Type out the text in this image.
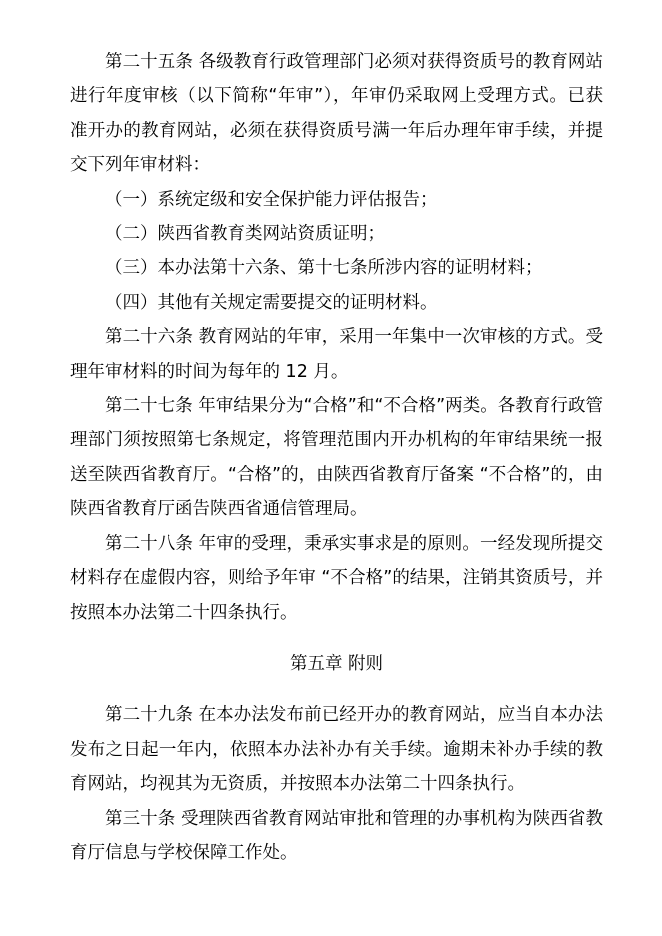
第二十五条 各级教育行政管理部门必须对获得资质号的教育网站进行年度审核（以下简称“年审”），年审仍采取网上受理方式。已获准开办的教育网站，必须在获得资质号满一年后办理年审手续，并提交下列年审材料：

（一）系统定级和安全保护能力评估报告；

（二）陕西省教育类网站资质证明；

（三）本办法第十六条、第十七条所涉内容的证明材料；

（四）其他有关规定需要提交的证明材料。

第二十六条 教育网站的年审，采用一年集中一次审核的方式。受理年审材料的时间为每年的 12 月。

第二十七条 年审结果分为“合格”和“不合格”两类。各教育行政管理部门须按照第七条规定，将管理范围内开办机构的年审结果统一报送至陕西省教育厅。“合格”的，由陕西省教育厅备案 “不合格”的，由陕西省教育厅函告陕西省通信管理局。

第二十八条 年审的受理，秉承实事求是的原则。一经发现所提交材料存在虚假内容，则给予年审 “不合格”的结果，注销其资质号，并按照本办法第二十四条执行。

第五章 附则

第二十九条 在本办法发布前已经开办的教育网站，应当自本办法发布之日起一年内，依照本办法补办有关手续。逾期未补办手续的教育网站，均视其为无资质，并按照本办法第二十四条执行。

第三十条 受理陕西省教育网站审批和管理的办事机构为陕西省教育厅信息与学校保障工作处。
